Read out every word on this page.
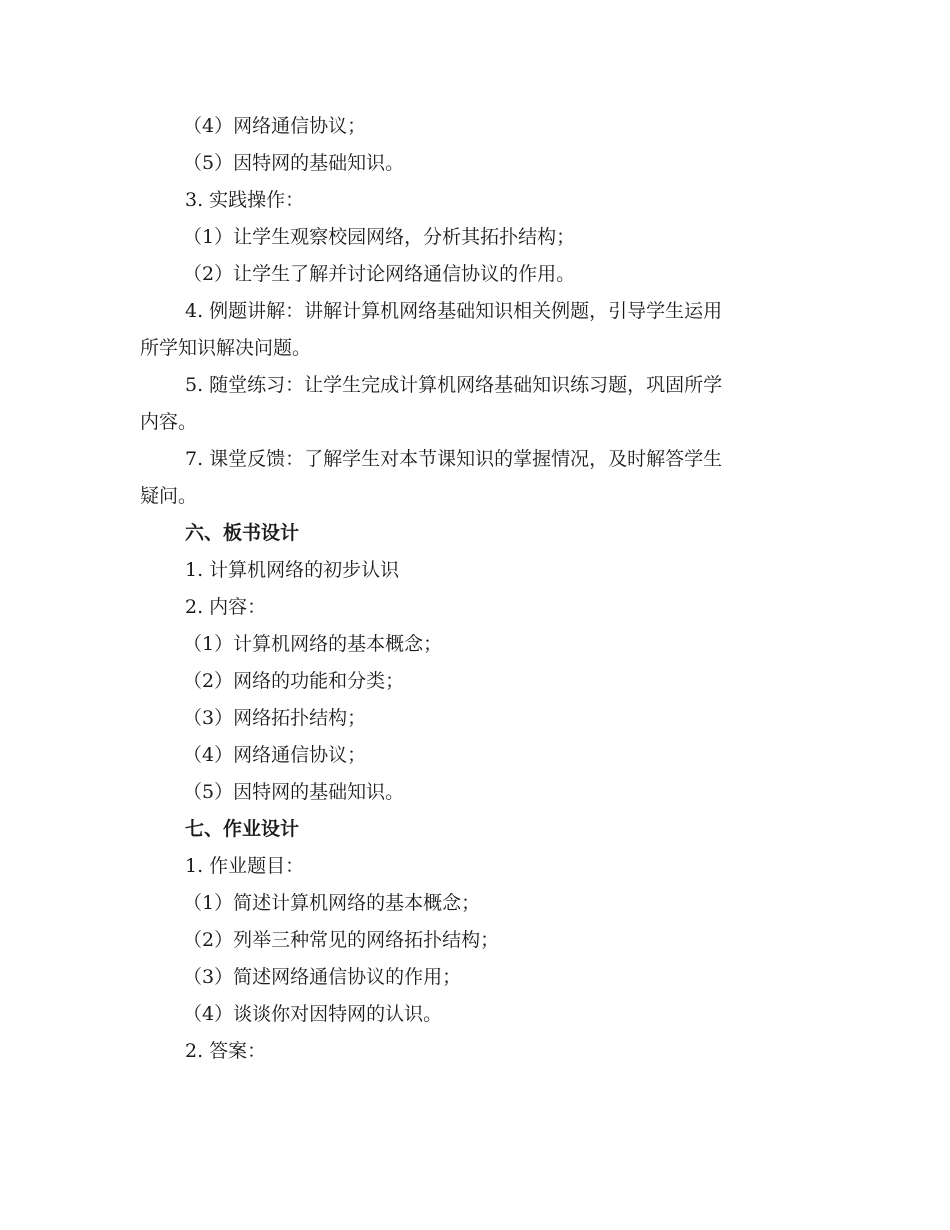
（4）网络通信协议；
（5）因特网的基础知识。
3. 实践操作：
（1）让学生观察校园网络，分析其拓扑结构；
（2）让学生了解并讨论网络通信协议的作用。
4. 例题讲解：讲解计算机网络基础知识相关例题，引导学生运用
所学知识解决问题。
5. 随堂练习：让学生完成计算机网络基础知识练习题，巩固所学
内容。
7. 课堂反馈：了解学生对本节课知识的掌握情况，及时解答学生
疑问。
六、板书设计
1. 计算机网络的初步认识
2. 内容：
（1）计算机网络的基本概念；
（2）网络的功能和分类；
（3）网络拓扑结构；
（4）网络通信协议；
（5）因特网的基础知识。
七、作业设计
1. 作业题目：
（1）简述计算机网络的基本概念；
（2）列举三种常见的网络拓扑结构；
（3）简述网络通信协议的作用；
（4）谈谈你对因特网的认识。
2. 答案：
